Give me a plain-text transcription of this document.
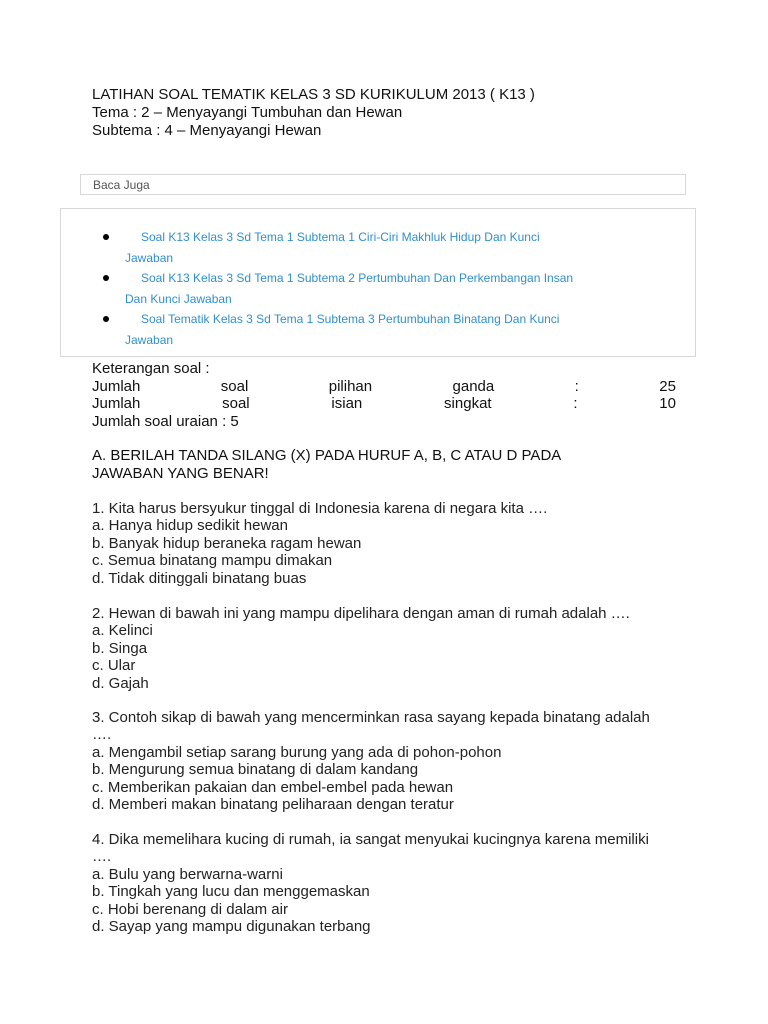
LATIHAN SOAL TEMATIK KELAS 3 SD KURIKULUM 2013 ( K13 )
Tema : 2 – Menyayangi Tumbuhan dan Hewan
Subtema : 4 – Menyayangi Hewan
Baca Juga
Soal K13 Kelas 3 Sd Tema 1 Subtema 1 Ciri-Ciri Makhluk Hidup Dan Kunci
Jawaban
Soal K13 Kelas 3 Sd Tema 1 Subtema 2 Pertumbuhan Dan Perkembangan Insan
Dan Kunci Jawaban
Soal Tematik Kelas 3 Sd Tema 1 Subtema 3 Pertumbuhan Binatang Dan Kunci
Jawaban
Keterangan soal :
Jumlah	soal	pilihan	ganda	:	25
Jumlah	soal	isian	singkat	:	10
Jumlah soal uraian : 5
A. BERILAH TANDA SILANG (X) PADA HURUF A, B, C ATAU D PADA
JAWABAN YANG BENAR!
1. Kita harus bersyukur tinggal di Indonesia karena di negara kita ….
a. Hanya hidup sedikit hewan
b. Banyak hidup beraneka ragam hewan
c. Semua binatang mampu dimakan
d. Tidak ditinggali binatang buas
2. Hewan di bawah ini yang mampu dipelihara dengan aman di rumah adalah ….
a. Kelinci
b. Singa
c. Ular
d. Gajah
3. Contoh sikap di bawah yang mencerminkan rasa sayang kepada binatang adalah ….
a. Mengambil setiap sarang burung yang ada di pohon-pohon
b. Mengurung semua binatang di dalam kandang
c. Memberikan pakaian dan embel-embel pada hewan
d. Memberi makan binatang peliharaan dengan teratur
4. Dika memelihara kucing di rumah, ia sangat menyukai kucingnya karena memiliki ….
a. Bulu yang berwarna-warni
b. Tingkah yang lucu dan menggemaskan
c. Hobi berenang di dalam air
d. Sayap yang mampu digunakan terbang
